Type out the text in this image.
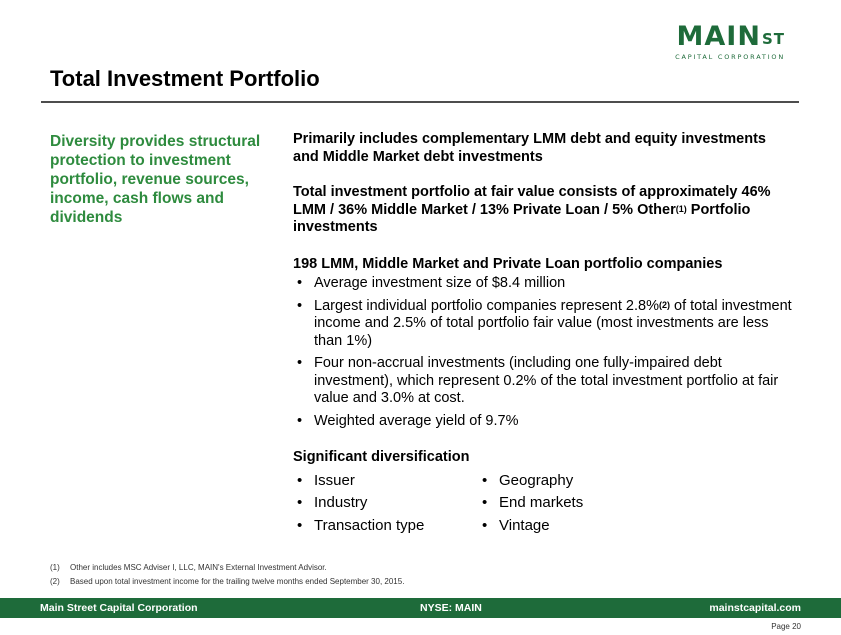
$MAIN^{ST}$
CAPITAL CORPORATION
Total Investment Portfolio
Diversity provides structural protection to investment portfolio, revenue sources, income, cash flows and dividends

Primarily includes complementary LMM debt and equity investments and Middle Market debt investments

Total investment portfolio at fair value consists of approximately 46% LMM / 36% Middle Market / 13% Private Loan / 5% Other$^{(1)}$ Portfolio investments

198 LMM, Middle Market and Private Loan portfolio companies

• Average investment size of $8.4 million
• Largest individual portfolio companies represent 2.8%$^{(2)}$ of total investment income and 2.5% of total portfolio fair value (most investments are less than 1%)
• Four non-accrual investments (including one fully-impaired debt investment), which represent 0.2% of the total investment portfolio at fair value and 3.0% at cost.
• Weighted average yield of 9.7%

Significant diversification

• Issuer	• Geography
• Industry	• End markets
• Transaction type	• Vintage
(1) Other includes MSC Adviser I, LLC, MAIN's External Investment Advisor.
(2) Based upon total investment income for the trailing twelve months ended September 30, 2015.
Main Street Capital Corporation	NYSE: MAIN	mainstcapital.com
Page 20
